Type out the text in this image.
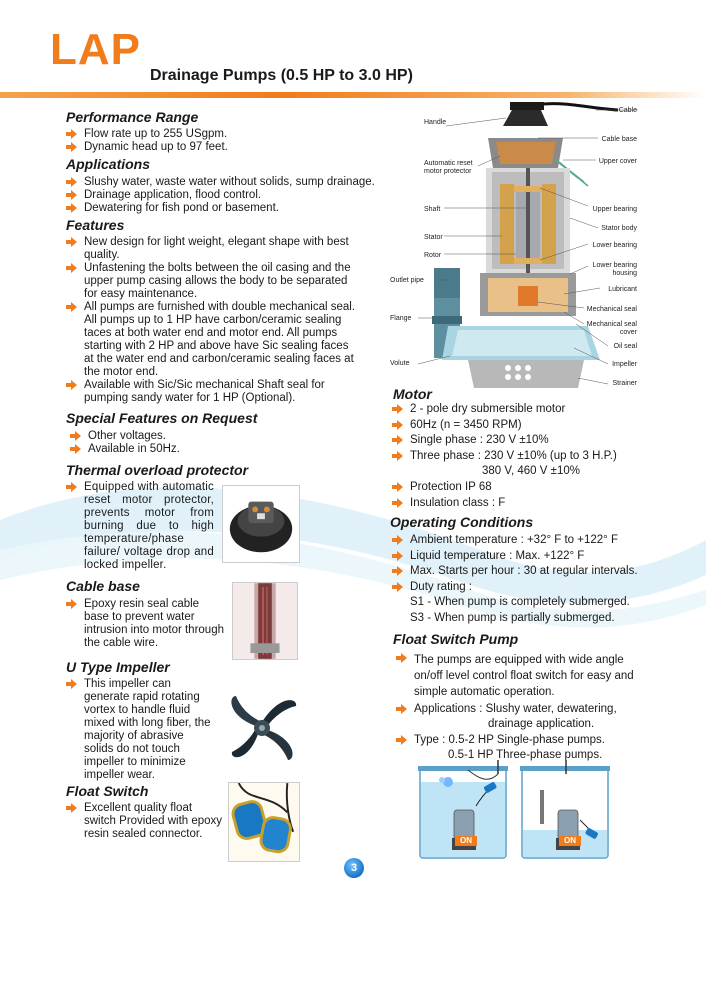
LAP
Drainage Pumps (0.5 HP to 3.0 HP)
Performance Range
Flow rate up to 255 USgpm.
Dynamic head up to 97 feet.
Applications
Slushy water, waste water without solids, sump drainage.
Drainage application, flood control.
Dewatering for fish pond or basement.
Features
New design for light weight, elegant shape with best quality.
Unfastening the bolts between the oil casing and the upper pump casing allows the body to be separated for easy maintenance.
All pumps are furnished with double mechanical seal. All pumps up to 1 HP have carbon/ceramic sealing taces at both water end and motor end. All pumps starting with 2 HP and above have Sic sealing faces at the water end and carbon/ceramic sealing faces at the motor end.
Available with Sic/Sic mechanical Shaft seal for pumping sandy water for 1 HP (Optional).
Special Features on Request
Other voltages.
Available in 50Hz.
Thermal overload protector
Equipped with automatic reset motor protector, prevents motor from burning due to high temperature/phase failure/ voltage drop and locked impeller.
Cable base
Epoxy resin seal cable base to prevent water intrusion into motor through the cable wire.
U Type Impeller
This impeller can generate rapid rotating vortex to handle fluid mixed with long fiber, the majority of abrasive solids do not touch impeller to minimize impeller wear.
Float Switch
Excellent quality float switch Provided with epoxy resin sealed connector.
Handle
Automatic reset motor protector
Shaft
Stator
Rotor
Outlet pipe
Flange
Volute
Cable
Cable base
Upper cover
Upper bearing
Stator body
Lower bearing
Lower bearing housing
Lubricant
Mechanical seal
Mechanical seal cover
Oil seal
Impeller
Strainer
Motor
2 - pole dry submersible motor
60Hz (n = 3450 RPM)
Single phase : 230 V ±10%
Three phase : 230 V ±10% (up to 3 H.P.)
380 V, 460 V ±10%
Protection IP 68
Insulation class : F
Operating Conditions
Ambient temperature : +32° F to +122° F
Liquid temperature : Max. +122° F
Max. Starts per hour : 30 at regular intervals.
Duty rating :
S1 - When pump is completely submerged.
S3 - When pump is partially submerged.
Float Switch Pump
The pumps are equipped with wide angle on/off level control float switch for easy and simple automatic operation.
Applications : Slushy water, dewatering,
drainage application.
Type : 0.5-2 HP Single-phase pumps.
0.5-1 HP Three-phase pumps.
ON	ON
3
